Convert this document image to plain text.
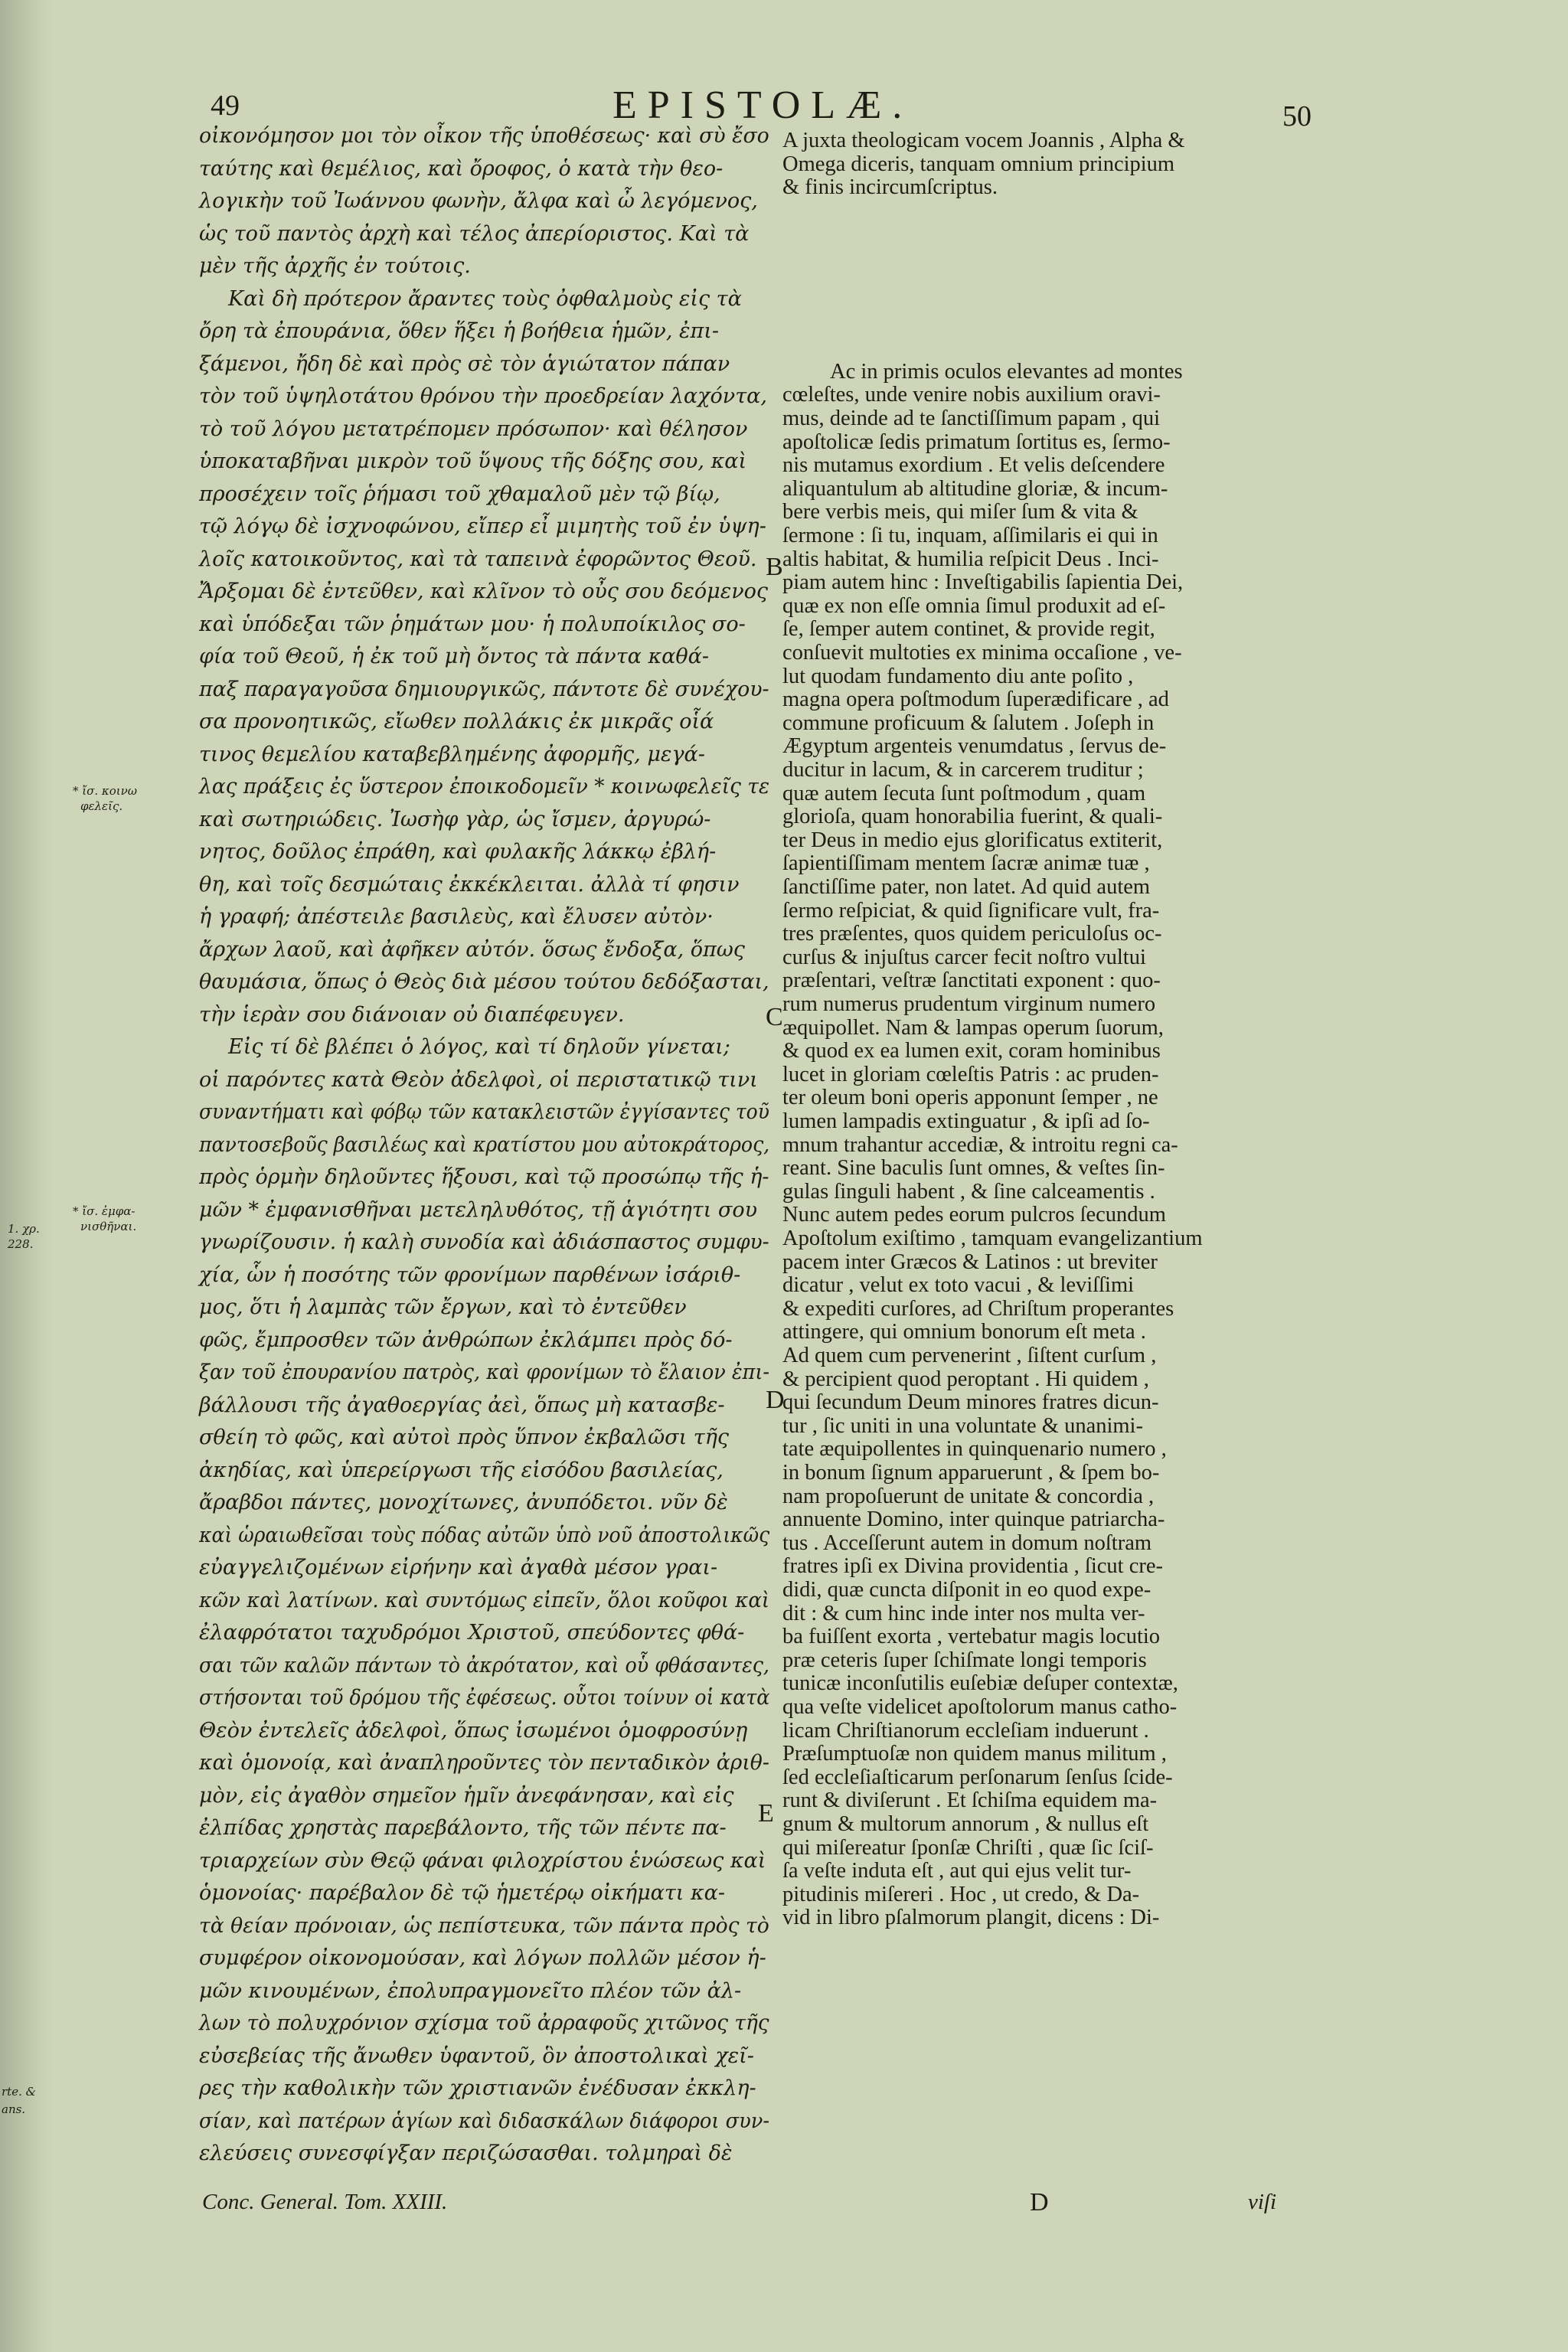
49	EPISTOLÆ.	50
οἰκονόμησον μοι τὸν οἶκον τῆς ὑποθέσεως· καὶ σὺ ἔσο
ταύτης καὶ θεμέλιος, καὶ ὄροφος, ὁ κατὰ τὴν θεο-
λογικὴν τοῦ Ἰωάννου φωνὴν, ἄλφα καὶ ὦ λεγόμενος,
ὡς τοῦ παντὸς ἀρχὴ καὶ τέλος ἀπερίοριστος. Καὶ τὰ
μὲν τῆς ἀρχῆς ἐν τούτοις.
Καὶ δὴ πρότερον ἄραντες τοὺς ὀφθαλμοὺς εἰς τὰ
ὄρη τὰ ἐπουράνια, ὅθεν ἥξει ἡ βοήθεια ἡμῶν, ἐπι-
ξάμενοι, ἤδη δὲ καὶ πρὸς σὲ τὸν ἁγιώτατον πάπαν
τὸν τοῦ ὑψηλοτάτου θρόνου τὴν προεδρείαν λαχόντα,
τὸ τοῦ λόγου μετατρέπομεν πρόσωπον· καὶ θέλησον
ὑποκαταβῆναι μικρὸν τοῦ ὕψους τῆς δόξης σου, καὶ
προσέχειν τοῖς ῥήμασι τοῦ χθαμαλοῦ μὲν τῷ βίῳ,
τῷ λόγῳ δὲ ἰσχνοφώνου, εἴπερ εἶ μιμητὴς τοῦ ἐν ὑψη-
λοῖς κατοικοῦντος, καὶ τὰ ταπεινὰ ἐφορῶντος Θεοῦ.
Ἄρξομαι δὲ ἐντεῦθεν, καὶ κλῖνον τὸ οὖς σου δεόμενος
καὶ ὑπόδεξαι τῶν ῥημάτων μου· ἡ πολυποίκιλος σο-
φία τοῦ Θεοῦ, ἡ ἐκ τοῦ μὴ ὄντος τὰ πάντα καθά-
παξ παραγαγοῦσα δημιουργικῶς, πάντοτε δὲ συνέχου-
σα προνοητικῶς, εἴωθεν πολλάκις ἐκ μικρᾶς οἷά
τινος θεμελίου καταβεβλημένης ἀφορμῆς, μεγά-
λας πράξεις ἐς ὕστερον ἐποικοδομεῖν * κοινωφελεῖς τε
καὶ σωτηριώδεις. Ἰωσὴφ γὰρ, ὡς ἴσμεν, ἀργυρώ-
νητος, δοῦλος ἐπράθη, καὶ φυλακῆς λάκκῳ ἐβλή-
θη, καὶ τοῖς δεσμώταις ἐκκέκλειται. ἀλλὰ τί φησιν
ἡ γραφή; ἀπέστειλε βασιλεὺς, καὶ ἔλυσεν αὐτὸν·
ἄρχων λαοῦ, καὶ ἀφῆκεν αὐτόν. ὅσως ἔνδοξα, ὅπως
θαυμάσια, ὅπως ὁ Θεὸς διὰ μέσου τούτου δεδόξασται,
τὴν ἱερὰν σου διάνοιαν οὐ διαπέφευγεν.
Εἰς τί δὲ βλέπει ὁ λόγος, καὶ τί δηλοῦν γίνεται;
οἱ παρόντες κατὰ Θεὸν ἀδελφοὶ, οἱ περιστατικῷ τινι
συναντήματι καὶ φόβῳ τῶν κατακλειστῶν ἐγγίσαντες τοῦ
παντοσεβοῦς βασιλέως καὶ κρατίστου μου αὐτοκράτορος,
πρὸς ὁρμὴν δηλοῦντες ἥξουσι, καὶ τῷ προσώπῳ τῆς ἡ-
μῶν * ἐμφανισθῆναι μετεληλυθότος, τῇ ἁγιότητι σου
γνωρίζουσιν. ἡ καλὴ συνοδία καὶ ἀδιάσπαστος συμφυ-
χία, ὧν ἡ ποσότης τῶν φρονίμων παρθένων ἰσάριθ-
μος, ὅτι ἡ λαμπὰς τῶν ἔργων, καὶ τὸ ἐντεῦθεν
φῶς, ἔμπροσθεν τῶν ἀνθρώπων ἐκλάμπει πρὸς δό-
ξαν τοῦ ἐπουρανίου πατρὸς, καὶ φρονίμων τὸ ἔλαιον ἐπι-
βάλλουσι τῆς ἀγαθοεργίας ἀεὶ, ὅπως μὴ κατασβε-
σθείη τὸ φῶς, καὶ αὐτοὶ πρὸς ὕπνον ἐκβαλῶσι τῆς
ἀκηδίας, καὶ ὑπερείργωσι τῆς εἰσόδου βασιλείας,
ἄραβδοι πάντες, μονοχίτωνες, ἀνυπόδετοι. νῦν δὲ
καὶ ὡραιωθεῖσαι τοὺς πόδας αὐτῶν ὑπὸ νοῦ ἀποστολικῶς
εὐαγγελιζομένων εἰρήνην καὶ ἀγαθὰ μέσον γραι-
κῶν καὶ λατίνων. καὶ συντόμως εἰπεῖν, ὅλοι κοῦφοι καὶ
ἐλαφρότατοι ταχυδρόμοι Χριστοῦ, σπεύδοντες φθά-
σαι τῶν καλῶν πάντων τὸ ἀκρότατον, καὶ οὗ φθάσαντες,
στήσονται τοῦ δρόμου τῆς ἐφέσεως. οὗτοι τοίνυν οἱ κατὰ
Θεὸν ἐντελεῖς ἀδελφοὶ, ὅπως ἰσωμένοι ὁμοφροσύνῃ
καὶ ὁμονοίᾳ, καὶ ἀναπληροῦντες τὸν πενταδικὸν ἀριθ-
μὸν, εἰς ἀγαθὸν σημεῖον ἡμῖν ἀνεφάνησαν, καὶ εἰς
ἐλπίδας χρηστὰς παρεβάλοντο, τῆς τῶν πέντε πα-
τριαρχείων σὺν Θεῷ φάναι φιλοχρίστου ἑνώσεως καὶ
ὁμονοίας· παρέβαλον δὲ τῷ ἡμετέρῳ οἰκήματι κα-
τὰ θείαν πρόνοιαν, ὡς πεπίστευκα, τῶν πάντα πρὸς τὸ
συμφέρον οἰκονομούσαν, καὶ λόγων πολλῶν μέσον ἡ-
μῶν κινουμένων, ἐπολυπραγμονεῖτο πλέον τῶν ἀλ-
λων τὸ πολυχρόνιον σχίσμα τοῦ ἀρραφοῦς χιτῶνος τῆς
εὐσεβείας τῆς ἄνωθεν ὑφαντοῦ, ὃν ἀποστολικαὶ χεῖ-
ρες τὴν καθολικὴν τῶν χριστιανῶν ἐνέδυσαν ἐκκλη-
σίαν, καὶ πατέρων ἁγίων καὶ διδασκάλων διάφοροι συν-
ελεύσεις συνεσφίγξαν περιζώσασθαι. τολμηραὶ δὲ
A juxta theologicam vocem Joannis , Alpha &
Omega diceris, tanquam omnium principium
& finis incircumſcriptus.
Ac in primis oculos elevantes ad montes
cœleſtes, unde venire nobis auxilium oravi-
mus, deinde ad te ſanctiſſimum papam , qui
apoſtolicæ ſedis primatum ſortitus es, ſermo-
nis mutamus exordium . Et velis deſcendere
aliquantulum ab altitudine gloriæ, & incum-
bere verbis meis, qui miſer ſum & vita &
ſermone : ſi tu, inquam, aſſimilaris ei qui in
altis habitat, & humilia reſpicit Deus . Inci-
piam autem hinc : Inveſtigabilis ſapientia Dei,
quæ ex non eſſe omnia ſimul produxit ad eſ-
ſe, ſemper autem continet, & provide regit,
conſuevit multoties ex minima occaſione , ve-
lut quodam fundamento diu ante poſito ,
magna opera poſtmodum ſuperædificare , ad
commune proficuum & ſalutem . Joſeph in
Ægyptum argenteis venumdatus , ſervus de-
ducitur in lacum, & in carcerem truditur ;
quæ autem ſecuta ſunt poſtmodum , quam
glorioſa, quam honorabilia fuerint, & quali-
ter Deus in medio ejus glorificatus extiterit,
ſapientiſſimam mentem ſacræ animæ tuæ ,
ſanctiſſime pater, non latet. Ad quid autem
ſermo reſpiciat, & quid ſignificare vult, fra-
tres præſentes, quos quidem periculoſus oc-
curſus & injuſtus carcer fecit noſtro vultui
præſentari, veſtræ ſanctitati exponent : quo-
rum numerus prudentum virginum numero
æquipollet. Nam & lampas operum ſuorum,
& quod ex ea lumen exit, coram hominibus
lucet in gloriam cœleſtis Patris : ac pruden-
ter oleum boni operis apponunt ſemper , ne
lumen lampadis extinguatur , & ipſi ad ſo-
mnum trahantur accediæ, & introitu regni ca-
reant. Sine baculis ſunt omnes, & veſtes ſin-
gulas ſinguli habent , & ſine calceamentis .
Nunc autem pedes eorum pulcros ſecundum
Apoſtolum exiſtimo , tamquam evangelizantium
pacem inter Græcos & Latinos : ut breviter
dicatur , velut ex toto vacui , & leviſſimi
& expediti curſores, ad Chriſtum properantes
attingere, qui omnium bonorum eſt meta .
Ad quem cum pervenerint , ſiſtent curſum ,
& percipient quod peroptant . Hi quidem ,
qui ſecundum Deum minores fratres dicun-
tur , ſic uniti in una voluntate & unanimi-
tate æquipollentes in quinquenario numero ,
in bonum ſignum apparuerunt , & ſpem bo-
nam propoſuerunt de unitate & concordia ,
annuente Domino, inter quinque patriarcha-
tus . Acceſſerunt autem in domum noſtram
fratres ipſi ex Divina providentia , ſicut cre-
didi, quæ cuncta diſponit in eo quod expe-
dit : & cum hinc inde inter nos multa ver-
ba fuiſſent exorta , vertebatur magis locutio
præ ceteris ſuper ſchiſmate longi temporis
tunicæ inconſutilis euſebiæ deſuper contextæ,
qua veſte videlicet apoſtolorum manus catho-
licam Chriſtianorum eccleſiam induerunt .
Præſumptuoſæ non quidem manus militum ,
ſed eccleſiaſticarum perſonarum ſenſus ſcide-
runt & diviſerunt . Et ſchiſma equidem ma-
gnum & multorum annorum , & nullus eſt
qui miſereatur ſponſæ Chriſti , quæ ſic ſciſ-
ſa veſte induta eſt , aut qui ejus velit tur-
pitudinis miſereri . Hoc , ut credo, & Da-
vid in libro pſalmorum plangit, dicens : Di-
B
C
D
E
* ἴσ. κοινω
φελεῖς.
* ἴσ. ἐμφα-
νισθῆναι.
1. χρ.
228.
rte. &
ans.
Conc. General. Tom. XXIII.	D	viſi
